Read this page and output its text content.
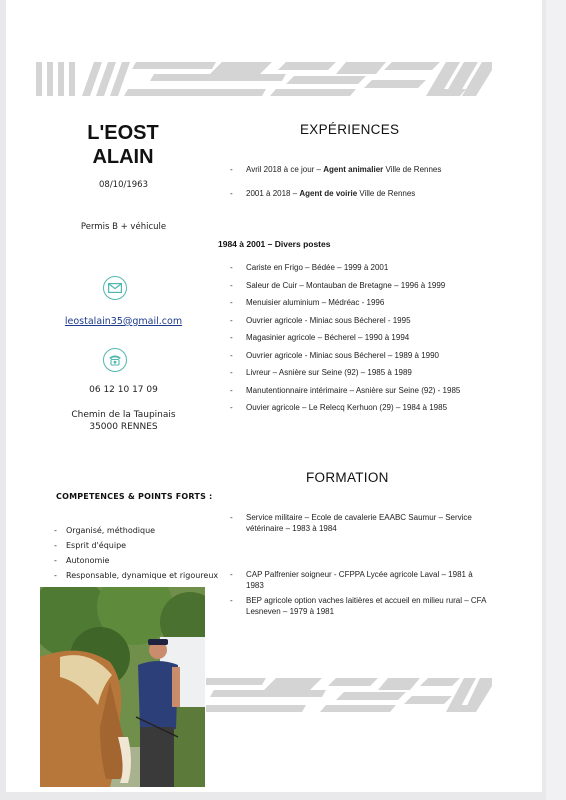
L'EOST
ALAIN
08/10/1963
Permis B + véhicule
leostalain35@gmail.com
06 12 10 17 09
Chemin de la Taupinais
35000 RENNES
EXPÉRIENCES
- Avril 2018 à ce jour – Agent animalier Ville de Rennes
- 2001 à 2018 – Agent de voirie Ville de Rennes
1984 à 2001 – Divers postes
- Cariste en Frigo – Bédée – 1999 à 2001
- Saleur de Cuir – Montauban de Bretagne – 1996 à 1999
- Menuisier aluminium – Médréac - 1996
- Ouvrier agricole - Miniac sous Bécherel - 1995
- Magasinier agricole – Bécherel – 1990 à 1994
- Ouvrier agricole - Miniac sous Bécherel – 1989 à 1990
- Livreur – Asnière sur Seine (92) – 1985 à 1989
- Manutentionnaire intérimaire – Asnière sur Seine (92) - 1985
- Ouvier agricole – Le Relecq Kerhuon (29) – 1984 à 1985
FORMATION
- Service militaire – Ecole de cavalerie EAABC Saumur – Service vétérinaire – 1983 à 1984
- CAP Palfrenier soigneur - CFPPA Lycée agricole Laval – 1981 à 1983
- BEP agricole option vaches laitières et accueil en milieu rural – CFA Lesneven – 1979 à 1981
COMPETENCES & POINTS FORTS :
- Organisé, méthodique
- Esprit d'équipe
- Autonomie
- Responsable, dynamique et rigoureux
